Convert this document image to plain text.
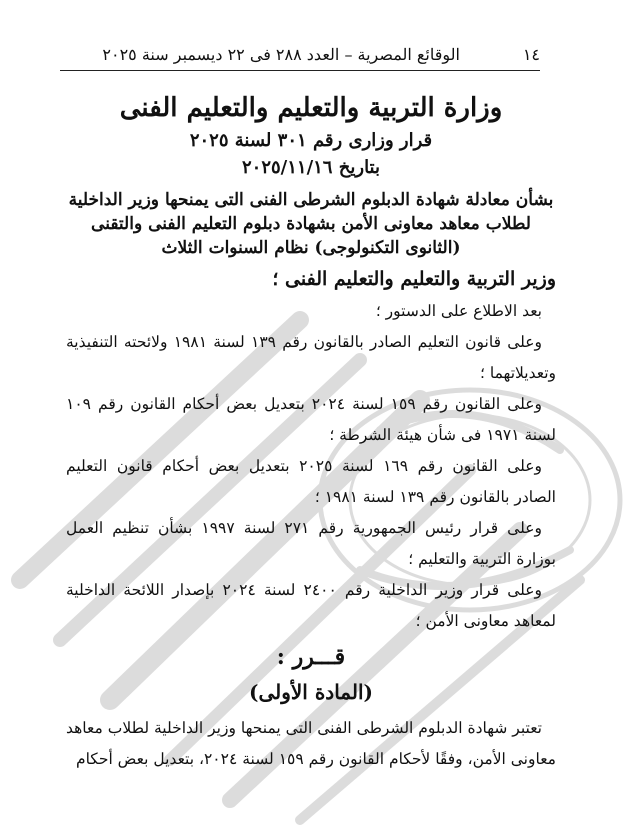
١٤
الوقائع المصرية – العدد ٢٨٨ فى ٢٢ ديسمبر سنة ٢٠٢٥

وزارة التربية والتعليم والتعليم الفنى

قرار وزارى رقم ٣٠١ لسنة ٢٠٢٥

بتاريخ ٢٠٢٥/١١/١٦

بشأن معادلة شهادة الدبلوم الشرطى الفنى التى يمنحها وزير الداخلية
لطلاب معاهد معاونى الأمن بشهادة دبلوم التعليم الفنى والتقنى
(الثانوى التكنولوجى) نظام السنوات الثلاث

وزير التربية والتعليم والتعليم الفنى ؛

بعد الاطلاع على الدستور ؛

وعلى قانون التعليم الصادر بالقانون رقم ١٣٩ لسنة ١٩٨١ ولائحته التنفيذية وتعديلاتهما ؛

وعلى القانون رقم ١٥٩ لسنة ٢٠٢٤ بتعديل بعض أحكام القانون رقم ١٠٩ لسنة ١٩٧١ فى شأن هيئة الشرطة ؛

وعلى القانون رقم ١٦٩ لسنة ٢٠٢٥ بتعديل بعض أحكام قانون التعليم الصادر بالقانون رقم ١٣٩ لسنة ١٩٨١ ؛

وعلى قرار رئيس الجمهورية رقم ٢٧١ لسنة ١٩٩٧ بشأن تنظيم العمل بوزارة التربية والتعليم ؛

وعلى قرار وزير الداخلية رقم ٢٤٠٠ لسنة ٢٠٢٤ بإصدار اللائحة الداخلية لمعاهد معاونى الأمن ؛

قـــرر :

(المادة الأولى)

تعتبر شهادة الدبلوم الشرطى الفنى التى يمنحها وزير الداخلية لطلاب معاهد معاونى الأمن، وفقًا لأحكام القانون رقم ١٥٩ لسنة ٢٠٢٤، بتعديل بعض أحكام
